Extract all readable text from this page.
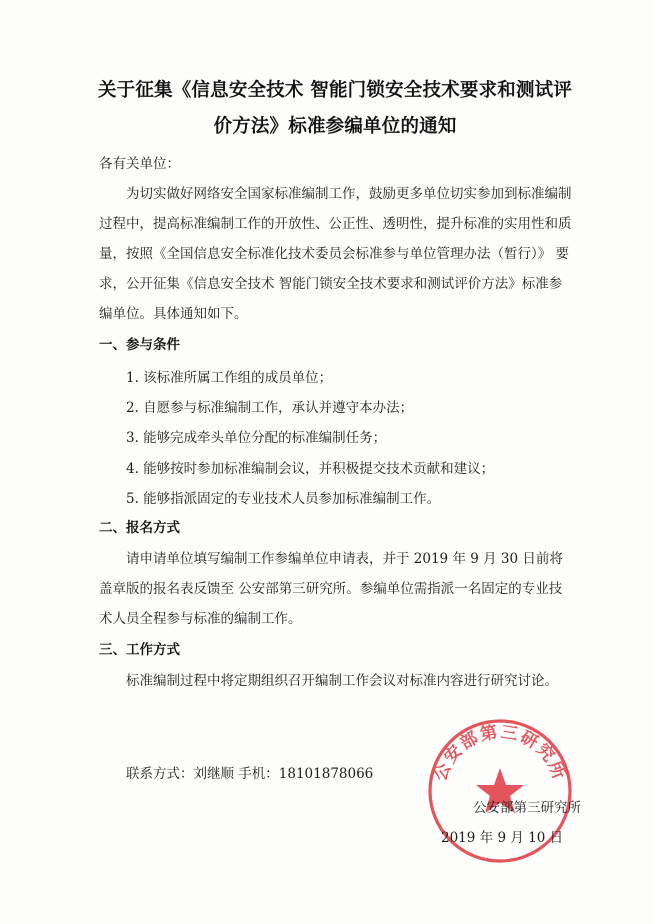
关于征集《信息安全技术 智能门锁安全技术要求和测试评
价方法》标准参编单位的通知
各有关单位：
为切实做好网络安全国家标准编制工作，鼓励更多单位切实参加到标准编制
过程中，提高标准编制工作的开放性、公正性、透明性，提升标准的实用性和质
量，按照《全国信息安全标准化技术委员会标准参与单位管理办法（暂行）》 要
求，公开征集《信息安全技术 智能门锁安全技术要求和测试评价方法》标准参
编单位。具体通知如下。
一、参与条件
1. 该标准所属工作组的成员单位；
2. 自愿参与标准编制工作，承认并遵守本办法；
3. 能够完成牵头单位分配的标准编制任务；
4. 能够按时参加标准编制会议，并积极提交技术贡献和建议；
5. 能够指派固定的专业技术人员参加标准编制工作。
二、报名方式
请申请单位填写编制工作参编单位申请表，并于 2019 年 9 月 30 日前将
盖章版的报名表反馈至 公安部第三研究所。参编单位需指派一名固定的专业技
术人员全程参与标准的编制工作。
三、工作方式
标准编制过程中将定期组织召开编制工作会议对标准内容进行研究讨论。
联系方式：刘继顺 手机：18101878066	公安部第三研究所
公安部第三研究所
2019 年 9 月 10 日
